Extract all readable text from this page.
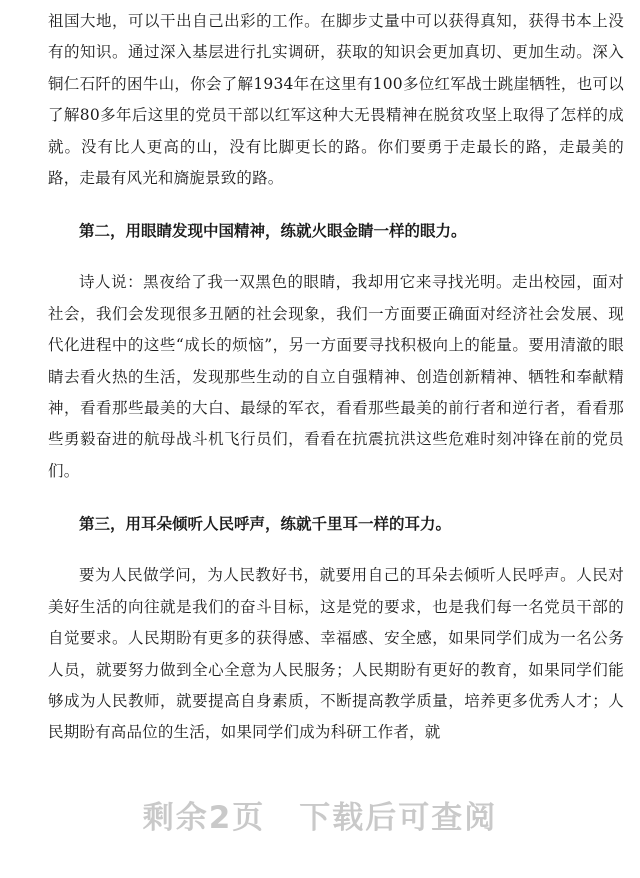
祖国大地，可以干出自己出彩的工作。在脚步丈量中可以获得真知，获得书本上没有的知识。通过深入基层进行扎实调研，获取的知识会更加真切、更加生动。深入铜仁石阡的困牛山，你会了解1934年在这里有100多位红军战士跳崖牺牲，也可以了解80多年后这里的党员干部以红军这种大无畏精神在脱贫攻坚上取得了怎样的成就。没有比人更高的山，没有比脚更长的路。你们要勇于走最长的路，走最美的路，走最有风光和旖旎景致的路。

第二，用眼睛发现中国精神，练就火眼金睛一样的眼力。

诗人说：黑夜给了我一双黑色的眼睛，我却用它来寻找光明。走出校园，面对社会，我们会发现很多丑陋的社会现象，我们一方面要正确面对经济社会发展、现代化进程中的这些“成长的烦恼”，另一方面要寻找积极向上的能量。要用清澈的眼睛去看火热的生活，发现那些生动的自立自强精神、创造创新精神、牺牲和奉献精神，看看那些最美的大白、最绿的军衣，看看那些最美的前行者和逆行者，看看那些勇毅奋进的航母战斗机飞行员们，看看在抗震抗洪这些危难时刻冲锋在前的党员们。

第三，用耳朵倾听人民呼声，练就千里耳一样的耳力。

要为人民做学问，为人民教好书，就要用自己的耳朵去倾听人民呼声。人民对美好生活的向往就是我们的奋斗目标，这是党的要求，也是我们每一名党员干部的自觉要求。人民期盼有更多的获得感、幸福感、安全感，如果同学们成为一名公务人员，就要努力做到全心全意为人民服务；人民期盼有更好的教育，如果同学们能够成为人民教师，就要提高自身素质，不断提高教学质量，培养更多优秀人才；人民期盼有高品位的生活，如果同学们成为科研工作者，就

剩余2页 下载后可查阅
